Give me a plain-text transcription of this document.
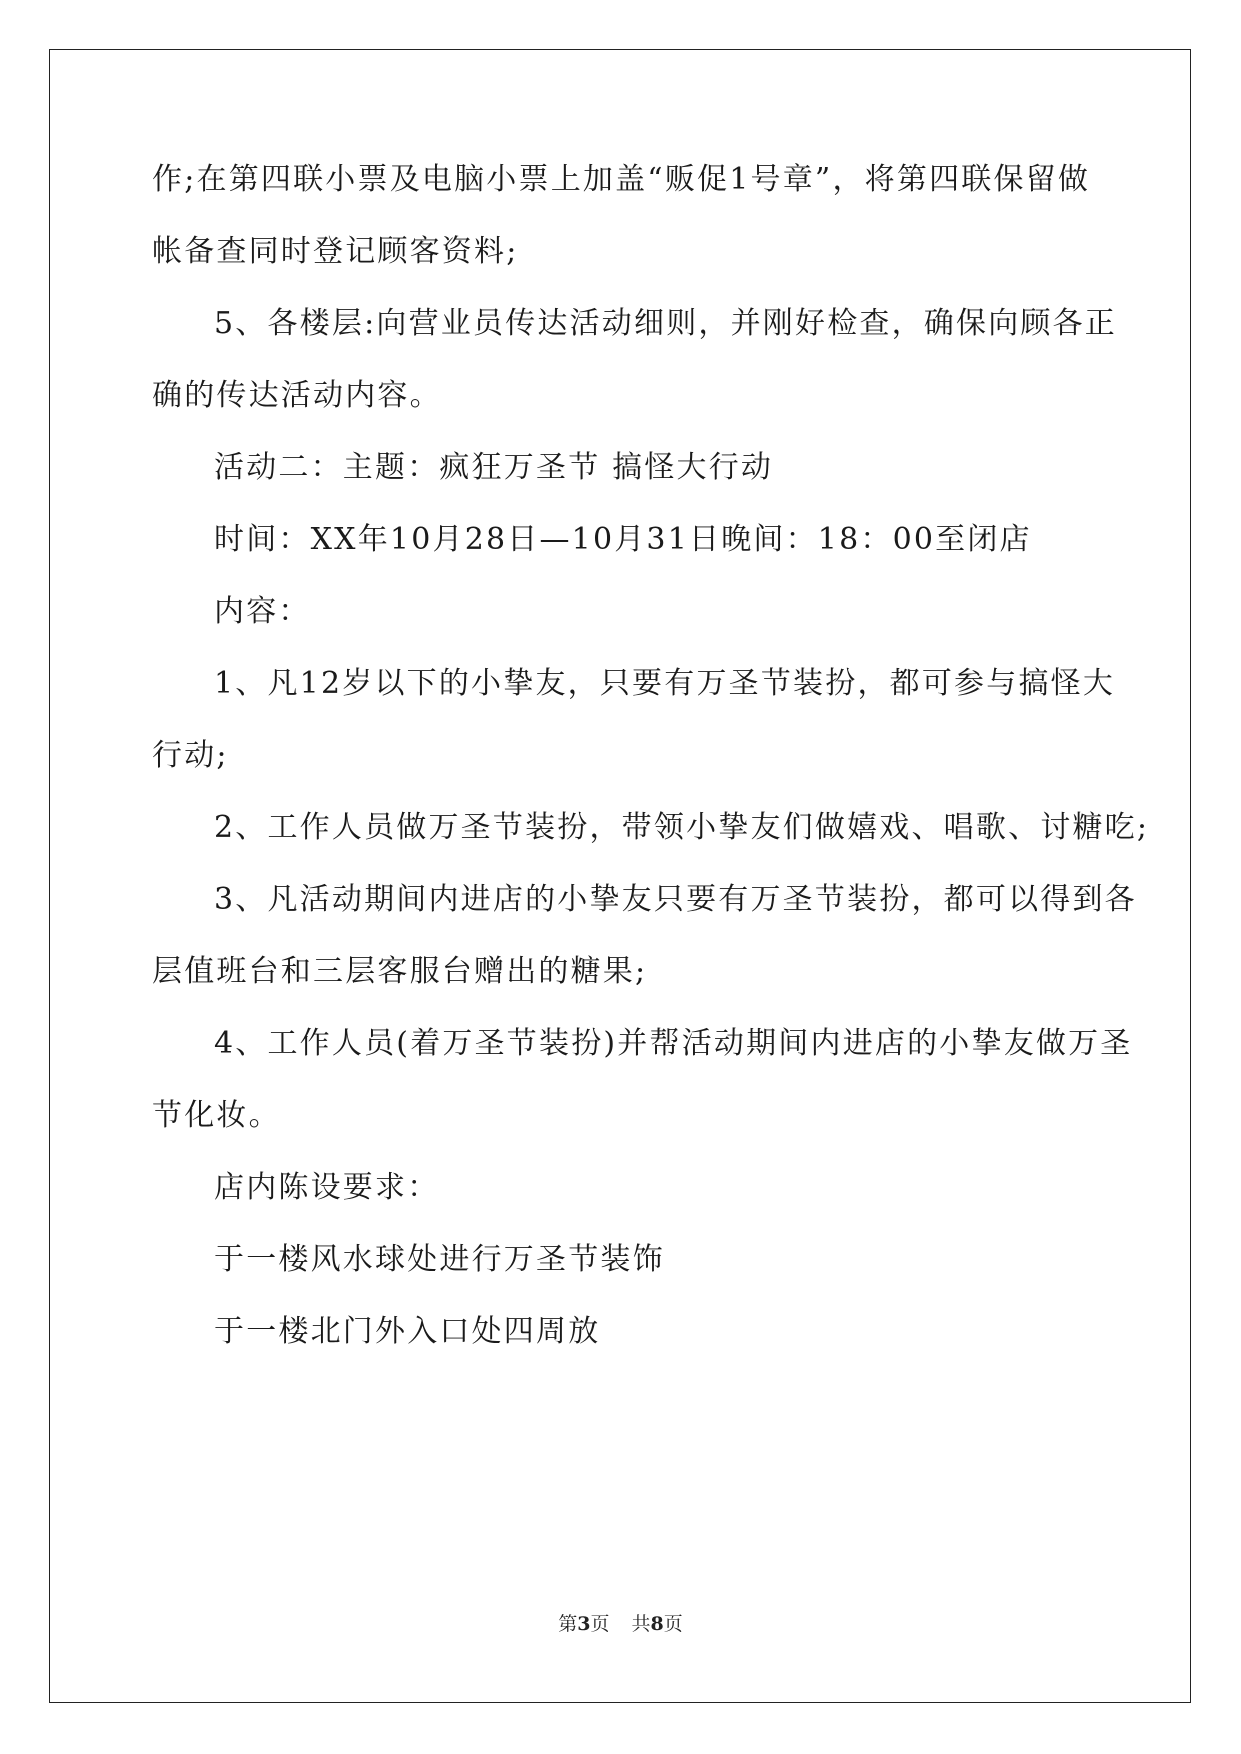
作;在第四联小票及电脑小票上加盖“贩促1号章”，将第四联保留做
帐备查同时登记顾客资料;
5、各楼层:向营业员传达活动细则，并刚好检查，确保向顾各正
确的传达活动内容。
活动二：主题：疯狂万圣节 搞怪大行动
时间：XX年10月28日—10月31日晚间：18：00至闭店
内容：
1、凡12岁以下的小挚友，只要有万圣节装扮，都可参与搞怪大
行动;
2、工作人员做万圣节装扮，带领小挚友们做嬉戏、唱歌、讨糖吃;
3、凡活动期间内进店的小挚友只要有万圣节装扮，都可以得到各
层值班台和三层客服台赠出的糖果;
4、工作人员(着万圣节装扮)并帮活动期间内进店的小挚友做万圣
节化妆。
店内陈设要求：
于一楼风水球处进行万圣节装饰
于一楼北门外入口处四周放
第3页 共8页
